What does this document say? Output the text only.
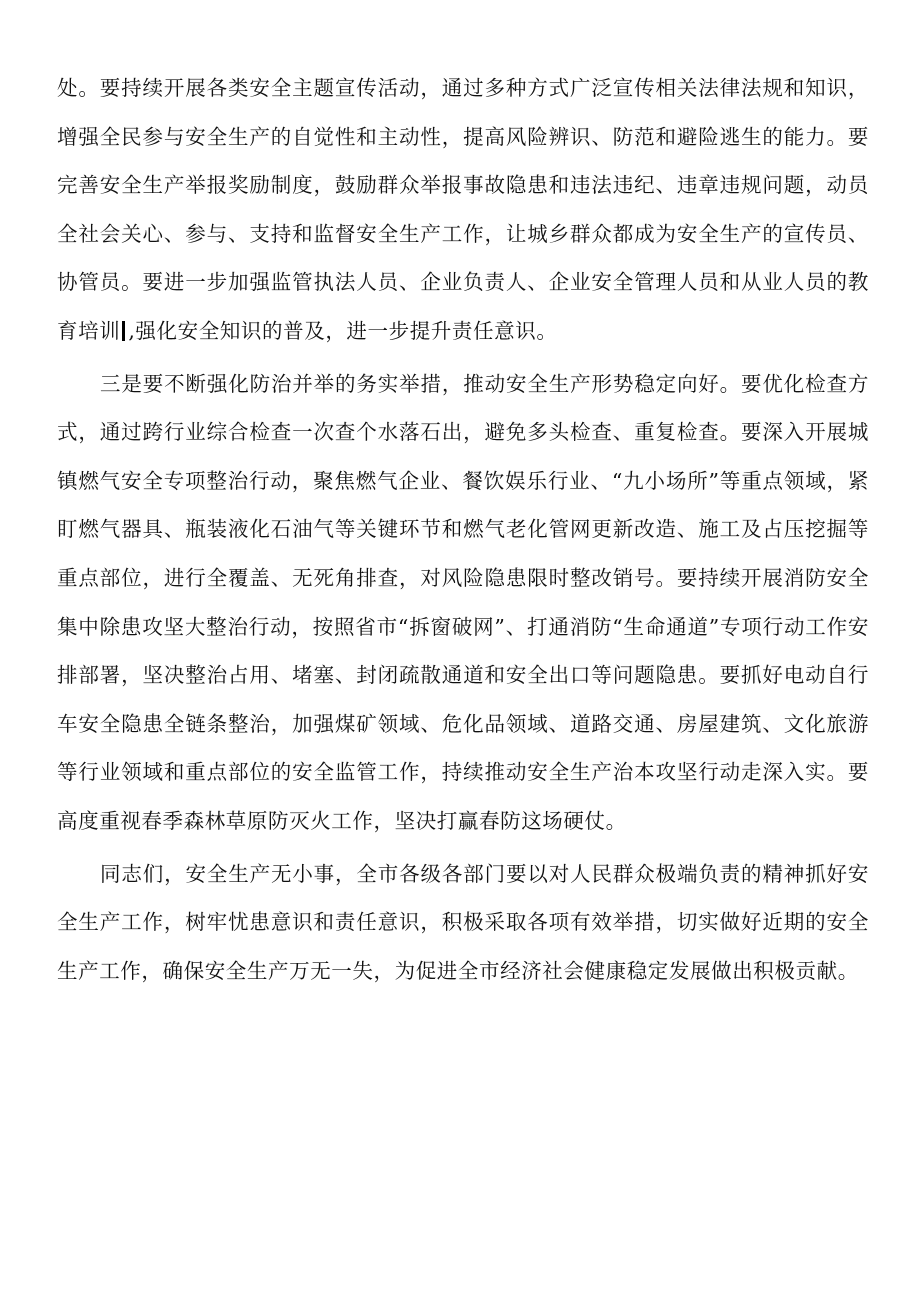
处。要持续开展各类安全主题宣传活动，通过多种方式广泛宣传相关法律法规和知识，增强全民参与安全生产的自觉性和主动性，提高风险辨识、防范和避险逃生的能力。要完善安全生产举报奖励制度，鼓励群众举报事故隐患和违法违纪、违章违规问题，动员全社会关心、参与、支持和监督安全生产工作，让城乡群众都成为安全生产的宣传员、协管员。要进一步加强监管执法人员、企业负责人、企业安全管理人员和从业人员的教育培训 ,强化安全知识的普及，进一步提升责任意识。

三是要不断强化防治并举的务实举措，推动安全生产形势稳定向好。要优化检查方式，通过跨行业综合检查一次查个水落石出，避免多头检查、重复检查。要深入开展城镇燃气安全专项整治行动，聚焦燃气企业、餐饮娱乐行业、“九小场所”等重点领域，紧盯燃气器具、瓶装液化石油气等关键环节和燃气老化管网更新改造、施工及占压挖掘等重点部位，进行全覆盖、无死角排查，对风险隐患限时整改销号。要持续开展消防安全集中除患攻坚大整治行动，按照省市“拆窗破网”、打通消防“生命通道”专项行动工作安排部署，坚决整治占用、堵塞、封闭疏散通道和安全出口等问题隐患。要抓好电动自行车安全隐患全链条整治，加强煤矿领域、危化品领域、道路交通、房屋建筑、文化旅游等行业领域和重点部位的安全监管工作，持续推动安全生产治本攻坚行动走深入实。要高度重视春季森林草原防灭火工作，坚决打赢春防这场硬仗。

同志们，安全生产无小事，全市各级各部门要以对人民群众极端负责的精神抓好安全生产工作，树牢忧患意识和责任意识，积极采取各项有效举措，切实做好近期的安全生产工作，确保安全生产万无一失，为促进全市经济社会健康稳定发展做出积极贡献。
